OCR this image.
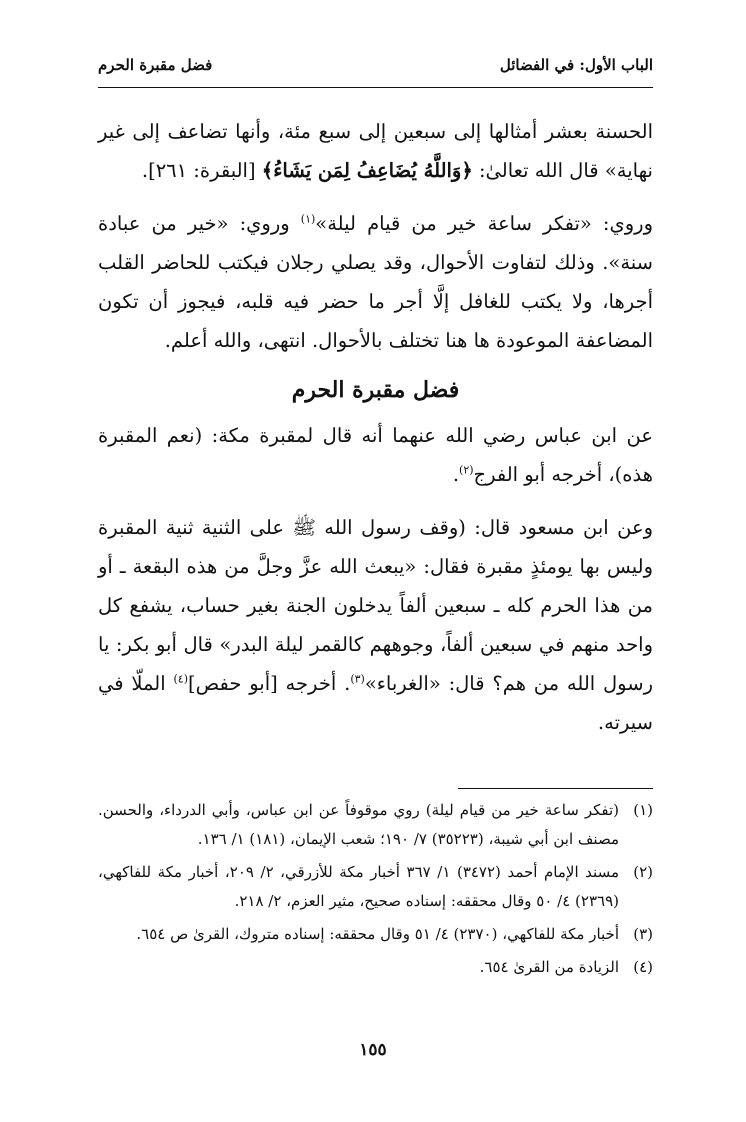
الباب الأول: في الفضائل
فضل مقبرة الحرم

الحسنة بعشر أمثالها إلى سبعين إلى سبع مئة، وأنها تضاعف إلى غير نهاية» قال الله تعالىٰ: ﴿وَاللَّهُ يُضَاعِفُ لِمَن يَشَاءُ﴾ [البقرة: ٢٦١].

وروي: «تفكر ساعة خير من قيام ليلة»$^{(١)}$ وروي: «خير من عبادة سنة». وذلك لتفاوت الأحوال، وقد يصلي رجلان فيكتب للحاضر القلب أجرها، ولا يكتب للغافل إلَّا أجر ما حضر فيه قلبه، فيجوز أن تكون المضاعفة الموعودة ها هنا تختلف بالأحوال. انتهى، والله أعلم.

فضل مقبرة الحرم

عن ابن عباس رضي الله عنهما أنه قال لمقبرة مكة: (نعم المقبرة هذه)، أخرجه أبو الفرج$^{(٢)}$.

وعن ابن مسعود قال: (وقف رسول الله ﷺ على الثنية ثنية المقبرة وليس بها يومئذٍ مقبرة فقال: «يبعث الله عزَّ وجلَّ من هذه البقعة ـ أو من هذا الحرم كله ـ سبعين ألفاً يدخلون الجنة بغير حساب، يشفع كل واحد منهم في سبعين ألفاً، وجوههم كالقمر ليلة البدر» قال أبو بكر: يا رسول الله من هم؟ قال: «الغرباء»$^{(٣)}$. أخرجه [أبو حفص]$^{(٤)}$ الملّا في سيرته.

(١)
(تفكر ساعة خير من قيام ليلة) روي موقوفاً عن ابن عباس، وأبي الدرداء، والحسن. مصنف ابن أبي شيبة، (٣٥٢٢٣) ٧/ ١٩٠؛ شعب الإيمان، (١٨١) ١/ ١٣٦.
(٢)
مسند الإمام أحمد (٣٤٧٢) ١/ ٣٦٧ أخبار مكة للأزرقي، ٢/ ٢٠٩، أخبار مكة للفاكهي، (٢٣٦٩) ٤/ ٥٠ وقال محققه: إسناده صحيح، مثير العزم، ٢/ ٢١٨.
(٣)
أخبار مكة للفاكهي، (٢٣٧٠) ٤/ ٥١ وقال محققه: إسناده متروك، القرىٰ ص ٦٥٤.
(٤)
الزيادة من القرىٰ ٦٥٤.
١٥٥
